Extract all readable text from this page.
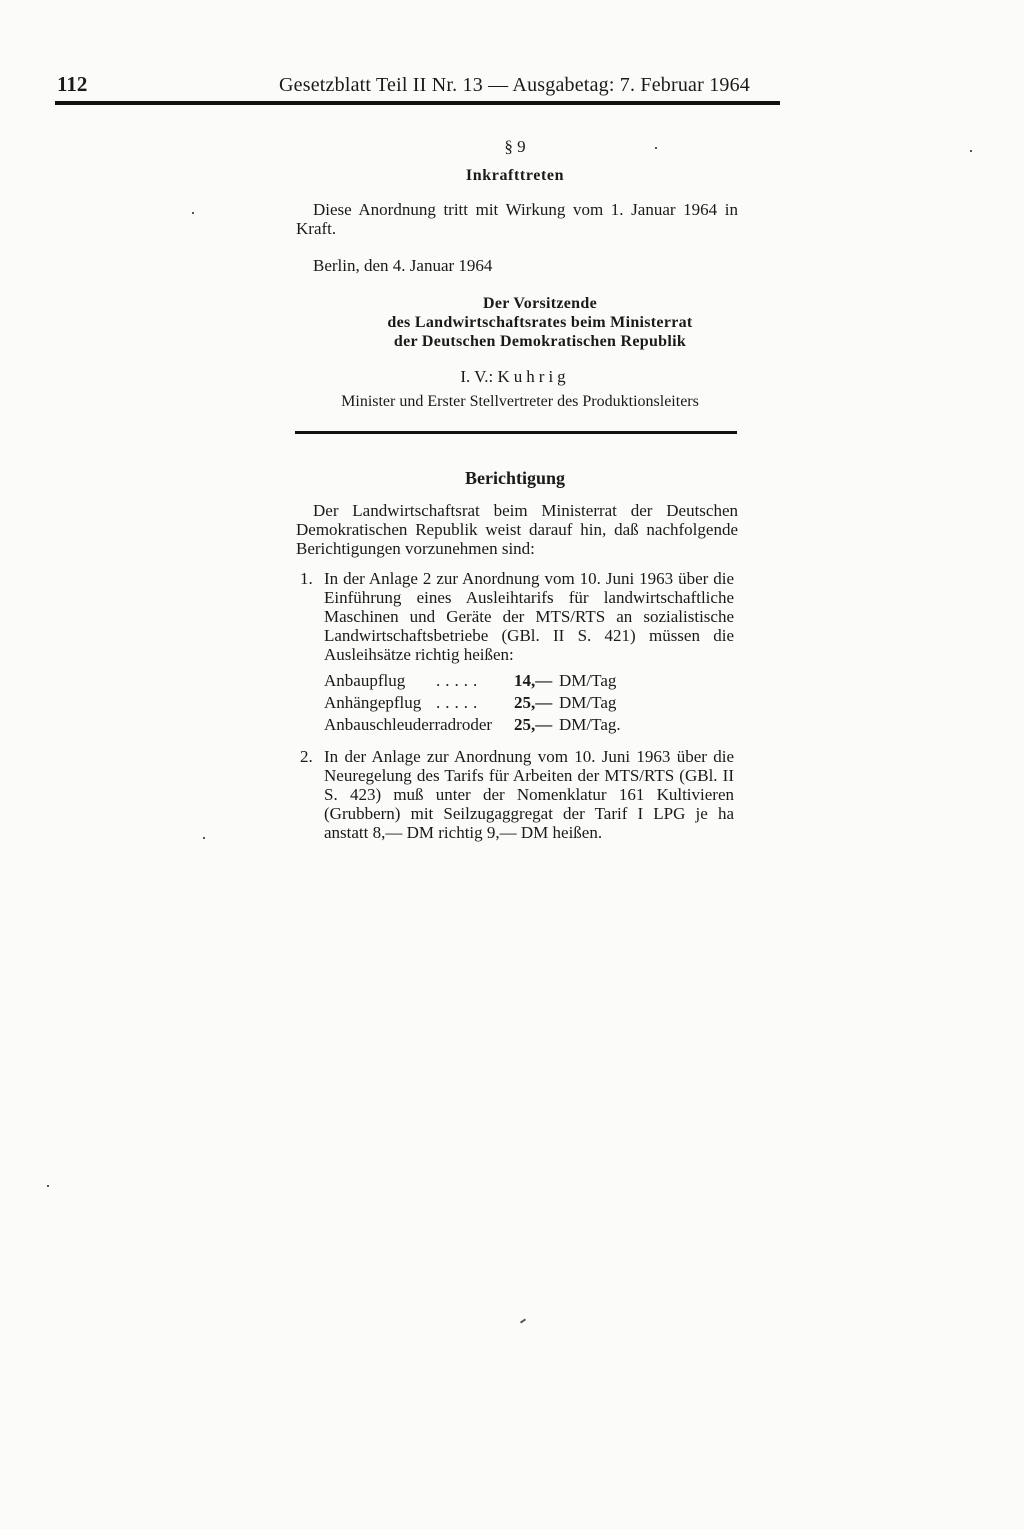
112	Gesetzblatt Teil II Nr. 13 — Ausgabetag: 7. Februar 1964
§ 9
Inkrafttreten
Diese Anordnung tritt mit Wirkung vom 1. Januar 1964 in Kraft.
Berlin, den 4. Januar 1964
Der Vorsitzende
des Landwirtschaftsrates beim Ministerrat
der Deutschen Demokratischen Republik
I. V.: Kuhrig
Minister und Erster Stellvertreter des Produktionsleiters
Berichtigung
Der Landwirtschaftsrat beim Ministerrat der Deutschen Demokratischen Republik weist darauf hin, daß nachfolgende Berichtigungen vorzunehmen sind:
1. In der Anlage 2 zur Anordnung vom 10. Juni 1963 über die Einführung eines Ausleihtarifs für landwirtschaftliche Maschinen und Geräte der MTS/RTS an sozialistische Landwirtschaftsbetriebe (GBl. II S. 421) müssen die Ausleihsätze richtig heißen:
Anbaupflug ..... 14,— DM/Tag
Anhängepflug ..... 25,— DM/Tag
Anbauschleuderradroder 25,— DM/Tag.
2. In der Anlage zur Anordnung vom 10. Juni 1963 über die Neuregelung des Tarifs für Arbeiten der MTS/RTS (GBl. II S. 423) muß unter der Nomenklatur 161 Kultivieren (Grubbern) mit Seilzugaggregat der Tarif I LPG je ha anstatt 8,— DM richtig 9,— DM heißen.
